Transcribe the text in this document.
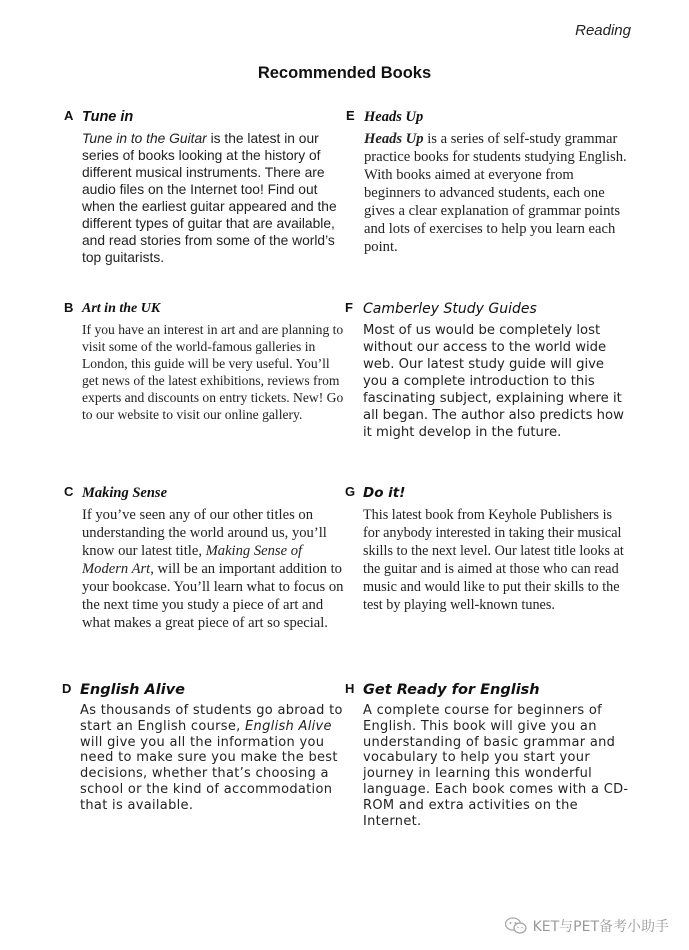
Reading
Recommended Books
A Tune in

Tune in to the Guitar is the latest in our series of books looking at the history of different musical instruments. There are audio files on the Internet too! Find out when the earliest guitar appeared and the different types of guitar that are available, and read stories from some of the world’s top guitarists.

B Art in the UK

If you have an interest in art and are planning to visit some of the world-famous galleries in London, this guide will be very useful. You’ll get news of the latest exhibitions, reviews from experts and discounts on entry tickets. New! Go to our website to visit our online gallery.

C Making Sense

If you’ve seen any of our other titles on understanding the world around us, you’ll know our latest title, Making Sense of Modern Art, will be an important addition to your bookcase. You’ll learn what to focus on the next time you study a piece of art and what makes a great piece of art so special.

D English Alive

As thousands of students go abroad to start an English course, English Alive will give you all the information you need to make sure you make the best decisions, whether that’s choosing a school or the kind of accommodation that is available.

E Heads Up

Heads Up is a series of self-study grammar practice books for students studying English. With books aimed at everyone from beginners to advanced students, each one gives a clear explanation of grammar points and lots of exercises to help you learn each point.

F Camberley Study Guides

Most of us would be completely lost without our access to the world wide web. Our latest study guide will give you a complete introduction to this fascinating subject, explaining where it all began. The author also predicts how it might develop in the future.

G Do it!

This latest book from Keyhole Publishers is for anybody interested in taking their musical skills to the next level. Our latest title looks at the guitar and is aimed at those who can read music and would like to put their skills to the test by playing well-known tunes.

H Get Ready for English

A complete course for beginners of English. This book will give you an understanding of basic grammar and vocabulary to help you start your journey in learning this wonderful language. Each book comes with a CD-ROM and extra activities on the Internet.

KET与PET备考小助手
